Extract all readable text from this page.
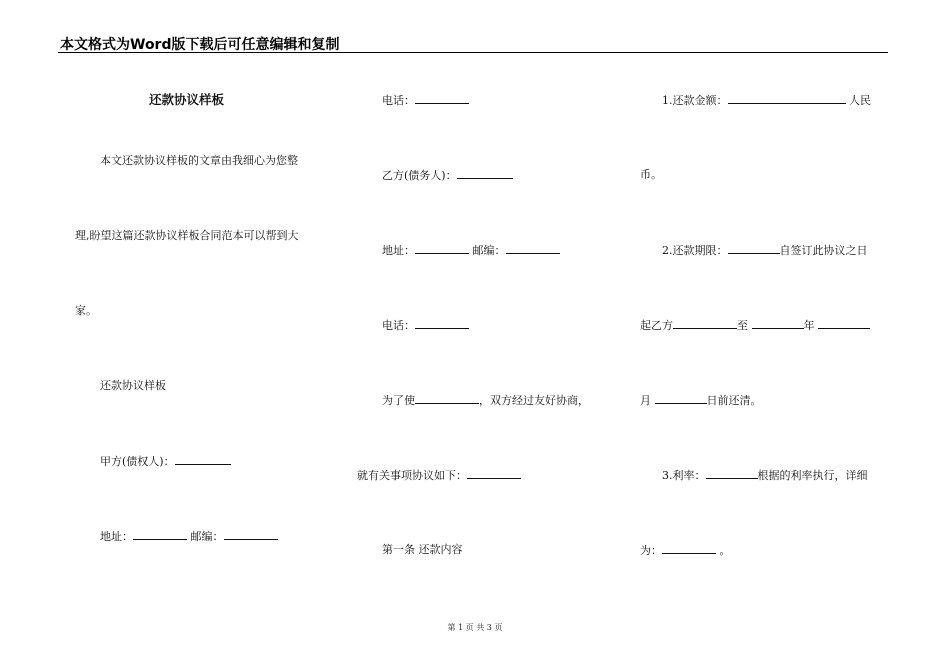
本文格式为Word版下载后可任意编辑和复制
还款协议样板
本文还款协议样板的文章由我细心为您整
理,盼望这篇还款协议样板合同范本可以帮到大
家。
还款协议样板
甲方(债权人)：
地址：	邮编：
电话：
乙方(债务人)：
地址：	邮编：
电话：
为了使	，双方经过友好协商，
就有关事项协议如下：
第一条 还款内容
1.还款金额：	人民
币。
2.还款期限：	自签订此协议之日
起乙方	至	年
月	日前还清。
3.利率：	根据的利率执行，详细
为：	。
第 1 页 共 3 页
